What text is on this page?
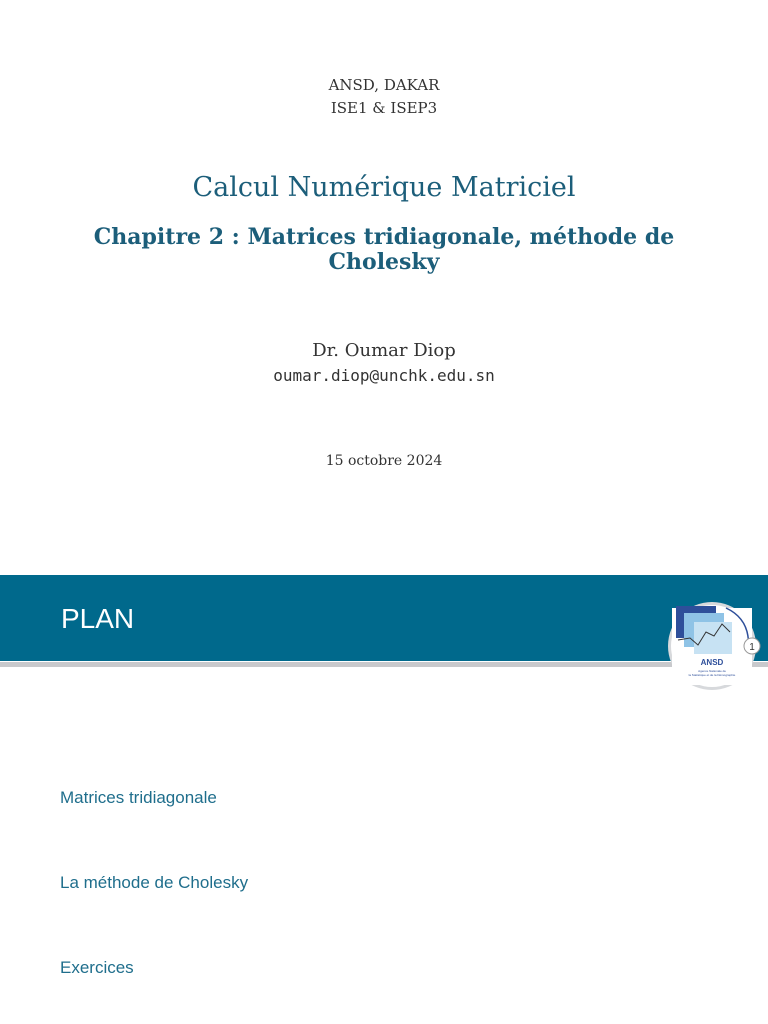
ANSD, DAKAR
ISE1 & ISEP3
Calcul Numérique Matriciel
Chapitre 2 : Matrices tridiagonale, méthode de Cholesky
Dr. Oumar Diop
oumar.diop@unchk.edu.sn
15 octobre 2024
PLAN
1
ANSD
Agence Nationale de
la Statistique et de la Démographie
Matrices tridiagonale
La méthode de Cholesky
Exercices
